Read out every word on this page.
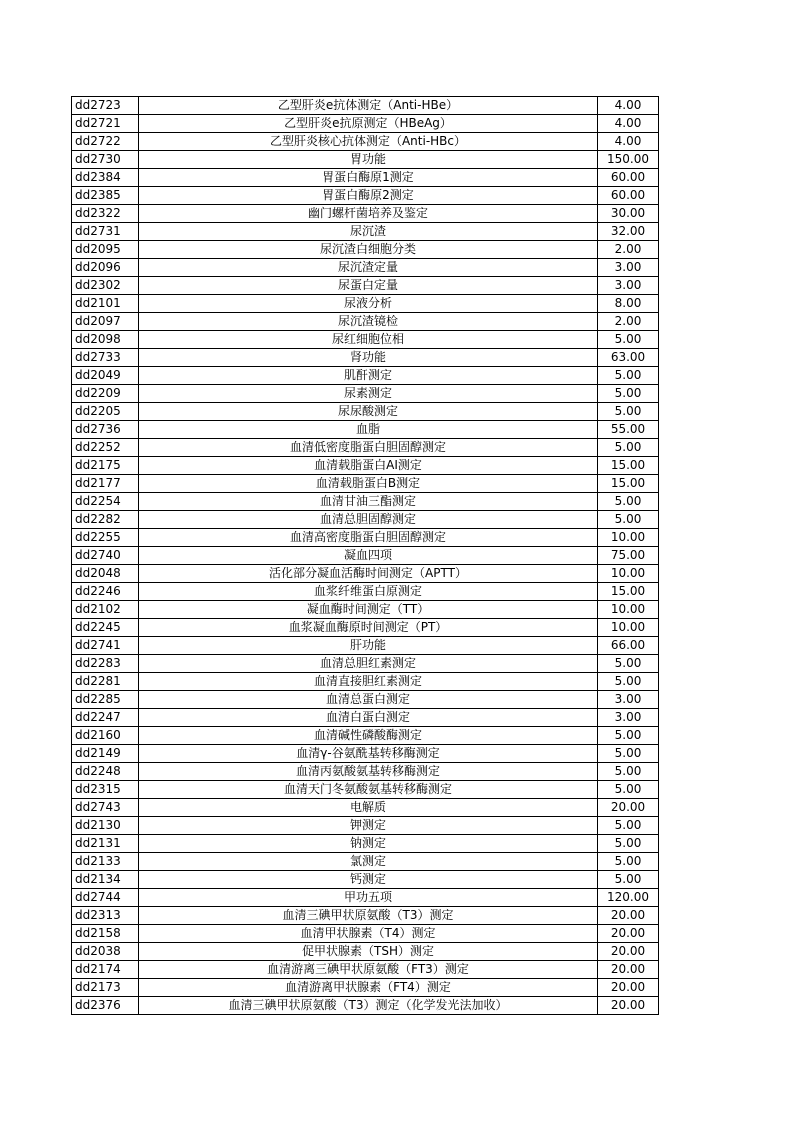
dd2723	乙型肝炎e抗体测定（Anti-HBe）	4.00
dd2721	乙型肝炎e抗原测定（HBeAg）	4.00
dd2722	乙型肝炎核心抗体测定（Anti-HBc）	4.00
dd2730	胃功能	150.00
dd2384	胃蛋白酶原1测定	60.00
dd2385	胃蛋白酶原2测定	60.00
dd2322	幽门螺杆菌培养及鉴定	30.00
dd2731	尿沉渣	32.00
dd2095	尿沉渣白细胞分类	2.00
dd2096	尿沉渣定量	3.00
dd2302	尿蛋白定量	3.00
dd2101	尿液分析	8.00
dd2097	尿沉渣镜检	2.00
dd2098	尿红细胞位相	5.00
dd2733	肾功能	63.00
dd2049	肌酐测定	5.00
dd2209	尿素测定	5.00
dd2205	尿尿酸测定	5.00
dd2736	血脂	55.00
dd2252	血清低密度脂蛋白胆固醇测定	5.00
dd2175	血清载脂蛋白AⅠ测定	15.00
dd2177	血清载脂蛋白B测定	15.00
dd2254	血清甘油三酯测定	5.00
dd2282	血清总胆固醇测定	5.00
dd2255	血清高密度脂蛋白胆固醇测定	10.00
dd2740	凝血四项	75.00
dd2048	活化部分凝血活酶时间测定（APTT）	10.00
dd2246	血浆纤维蛋白原测定	15.00
dd2102	凝血酶时间测定（TT）	10.00
dd2245	血浆凝血酶原时间测定（PT）	10.00
dd2741	肝功能	66.00
dd2283	血清总胆红素测定	5.00
dd2281	血清直接胆红素测定	5.00
dd2285	血清总蛋白测定	3.00
dd2247	血清白蛋白测定	3.00
dd2160	血清碱性磷酸酶测定	5.00
dd2149	血清γ-谷氨酰基转移酶测定	5.00
dd2248	血清丙氨酸氨基转移酶测定	5.00
dd2315	血清天门冬氨酸氨基转移酶测定	5.00
dd2743	电解质	20.00
dd2130	钾测定	5.00
dd2131	钠测定	5.00
dd2133	氯测定	5.00
dd2134	钙测定	5.00
dd2744	甲功五项	120.00
dd2313	血清三碘甲状原氨酸（T3）测定	20.00
dd2158	血清甲状腺素（T4）测定	20.00
dd2038	促甲状腺素（TSH）测定	20.00
dd2174	血清游离三碘甲状原氨酸（FT3）测定	20.00
dd2173	血清游离甲状腺素（FT4）测定	20.00
dd2376	血清三碘甲状原氨酸（T3）测定（化学发光法加收）	20.00
